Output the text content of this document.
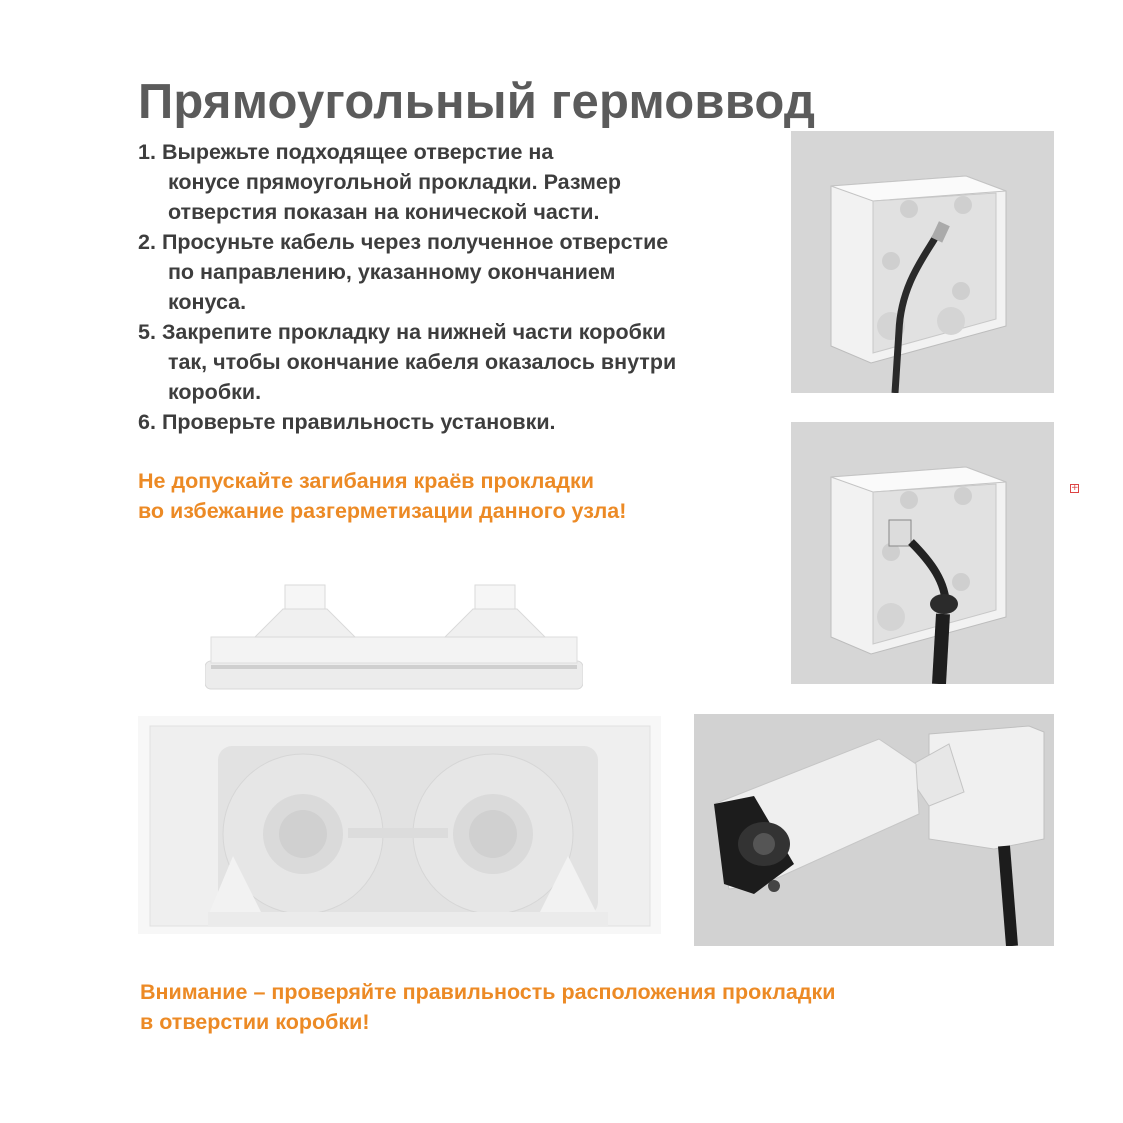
Прямоугольный гермоввод
1. Вырежьте подходящее отверстие на
конусе прямоугольной прокладки. Размер
отверстия показан на конической части.
2. Просуньте кабель через полученное отверстие
по направлению, указанному окончанием
конуса.
5. Закрепите прокладку на нижней части коробки
так, чтобы окончание кабеля оказалось внутри
коробки.
6. Проверьте правильность установки.

Не допускайте загибания краёв прокладки
во избежание разгерметизации данного узла!

Внимание – проверяйте правильность расположения прокладки
в отверстии коробки!

+
